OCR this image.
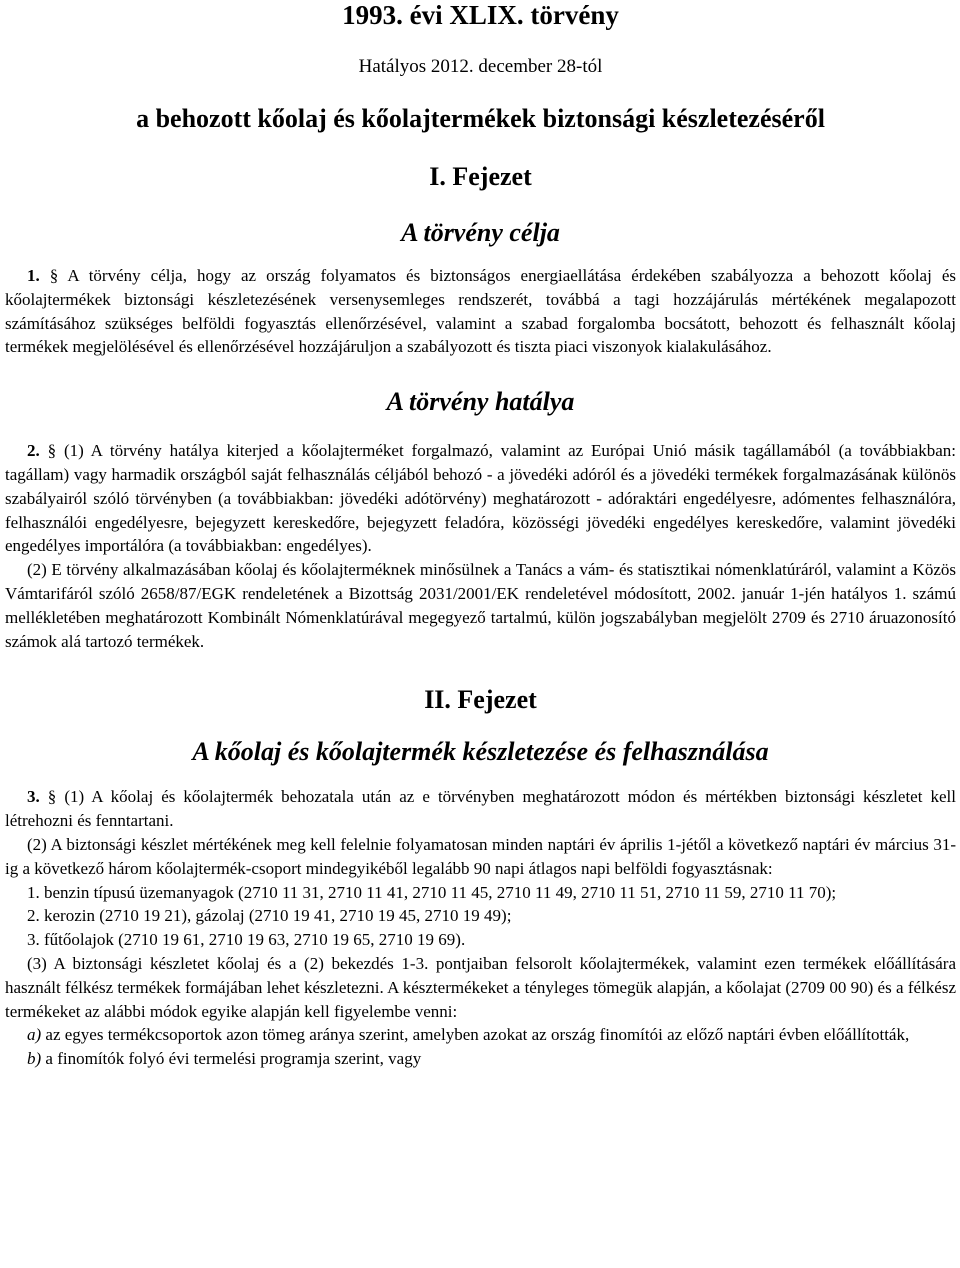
1993. évi XLIX. törvény

Hatályos 2012. december 28-tól

a behozott kőolaj és kőolajtermékek biztonsági készletezéséről
I. Fejezet
A törvény célja

1. § A törvény célja, hogy az ország folyamatos és biztonságos energiaellátása érdekében szabályozza a behozott kőolaj és kőolajtermékek biztonsági készletezésének versenysemleges rendszerét, továbbá a tagi hozzájárulás mértékének megalapozott számításához szükséges belföldi fogyasztás ellenőrzésével, valamint a szabad forgalomba bocsátott, behozott és felhasznált kőolaj termékek megjelölésével és ellenőrzésével hozzájáruljon a szabályozott és tiszta piaci viszonyok kialakulásához.

A törvény hatálya

2. § (1) A törvény hatálya kiterjed a kőolajterméket forgalmazó, valamint az Európai Unió másik tagállamából (a továbbiakban: tagállam) vagy harmadik országból saját felhasználás céljából behozó - a jövedéki adóról és a jövedéki termékek forgalmazásának különös szabályairól szóló törvényben (a továbbiakban: jövedéki adótörvény) meghatározott - adóraktári engedélyesre, adómentes felhasználóra, felhasználói engedélyesre, bejegyzett kereskedőre, bejegyzett feladóra, közösségi jövedéki engedélyes kereskedőre, valamint jövedéki engedélyes importálóra (a továbbiakban: engedélyes).

(2) E törvény alkalmazásában kőolaj és kőolajterméknek minősülnek a Tanács a vám- és statisztikai nómenklatúráról, valamint a Közös Vámtarifáról szóló 2658/87/EGK rendeletének a Bizottság 2031/2001/EK rendeletével módosított, 2002. január 1-jén hatályos 1. számú mellékletében meghatározott Kombinált Nómenklatúrával megegyező tartalmú, külön jogszabályban megjelölt 2709 és 2710 áruazonosító számok alá tartozó termékek.

II. Fejezet
A kőolaj és kőolajtermék készletezése és felhasználása

3. § (1) A kőolaj és kőolajtermék behozatala után az e törvényben meghatározott módon és mértékben biztonsági készletet kell létrehozni és fenntartani.

(2) A biztonsági készlet mértékének meg kell felelnie folyamatosan minden naptári év április 1-jétől a következő naptári év március 31-ig a következő három kőolajtermék-csoport mindegyikéből legalább 90 napi átlagos napi belföldi fogyasztásnak:

1. benzin típusú üzemanyagok (2710 11 31, 2710 11 41, 2710 11 45, 2710 11 49, 2710 11 51, 2710 11 59, 2710 11 70);

2. kerozin (2710 19 21), gázolaj (2710 19 41, 2710 19 45, 2710 19 49);

3. fűtőolajok (2710 19 61, 2710 19 63, 2710 19 65, 2710 19 69).

(3) A biztonsági készletet kőolaj és a (2) bekezdés 1-3. pontjaiban felsorolt kőolajtermékek, valamint ezen termékek előállítására használt félkész termékek formájában lehet készletezni. A késztermékeket a tényleges tömegük alapján, a kőolajat (2709 00 90) és a félkész termékeket az alábbi módok egyike alapján kell figyelembe venni:

a) az egyes termékcsoportok azon tömeg aránya szerint, amelyben azokat az ország finomítói az előző naptári évben előállították,

b) a finomítók folyó évi termelési programja szerint, vagy
